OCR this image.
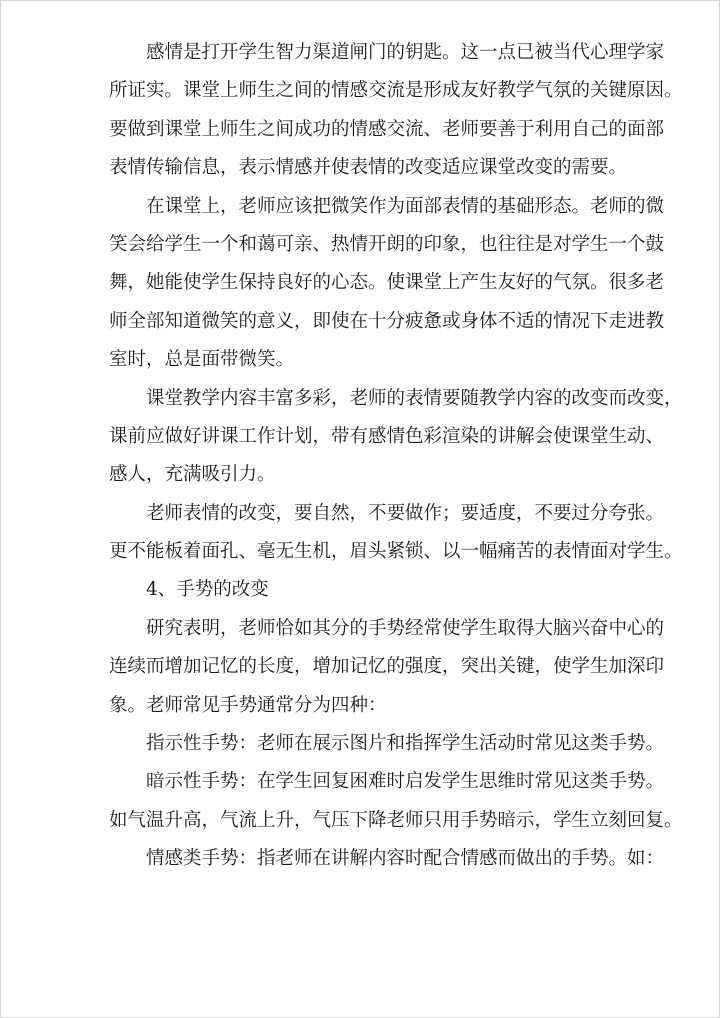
感情是打开学生智力渠道闸门的钥匙。这一点已被当代心理学家
所证实。课堂上师生之间的情感交流是形成友好教学气氛的关键原因。
要做到课堂上师生之间成功的情感交流、老师要善于利用自己的面部
表情传输信息，表示情感并使表情的改变适应课堂改变的需要。
在课堂上，老师应该把微笑作为面部表情的基础形态。老师的微
笑会给学生一个和蔼可亲、热情开朗的印象，也往往是对学生一个鼓
舞，她能使学生保持良好的心态。使课堂上产生友好的气氛。很多老
师全部知道微笑的意义，即使在十分疲惫或身体不适的情况下走进教
室时，总是面带微笑。
课堂教学内容丰富多彩，老师的表情要随教学内容的改变而改变，
课前应做好讲课工作计划，带有感情色彩渲染的讲解会使课堂生动、
感人，充满吸引力。
老师表情的改变，要自然，不要做作；要适度，不要过分夸张。
更不能板着面孔、毫无生机，眉头紧锁、以一幅痛苦的表情面对学生。
4、手势的改变
研究表明，老师恰如其分的手势经常使学生取得大脑兴奋中心的
连续而增加记忆的长度，增加记忆的强度，突出关键，使学生加深印
象。老师常见手势通常分为四种：
指示性手势：老师在展示图片和指挥学生活动时常见这类手势。
暗示性手势：在学生回复困难时启发学生思维时常见这类手势。
如气温升高，气流上升，气压下降老师只用手势暗示，学生立刻回复。
情感类手势：指老师在讲解内容时配合情感而做出的手势。如：
